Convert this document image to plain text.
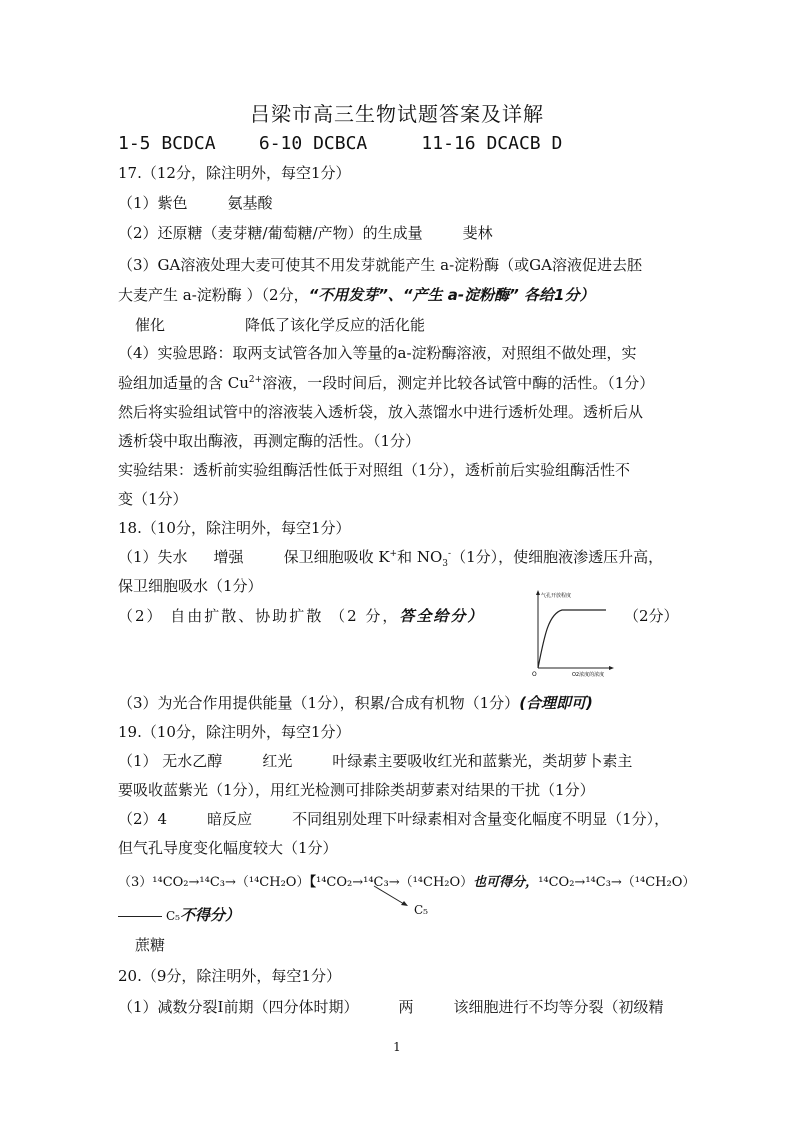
吕梁市高三生物试题答案及详解
1-5 BCDCA    6-10 DCBCA     11-16 DCACB D
17.（12分，除注明外，每空1分）
（1）紫色	氨基酸
（2）还原糖（麦芽糖/葡萄糖/产物）的生成量	斐林
（3）GA溶液处理大麦可使其不用发芽就能产生 a-淀粉酶（或GA溶液促进去胚
大麦产生 a-淀粉酶 ）（2分，“不用发芽”、“产生 a-淀粉酶” 各给1分）
催化	降低了该化学反应的活化能
（4）实验思路：取两支试管各加入等量的a-淀粉酶溶液，对照组不做处理，实
验组加适量的含 $Cu^{2+}$溶液，一段时间后，测定并比较各试管中酶的活性。（1分）
然后将实验组试管中的溶液装入透析袋，放入蒸馏水中进行透析处理。透析后从
透析袋中取出酶液，再测定酶的活性。（1分）
实验结果：透析前实验组酶活性低于对照组（1分），透析前后实验组酶活性不
变（1分）
18.（10分，除注明外，每空1分）
（1）失水 增强	保卫细胞吸收 K+和 $NO_3^-(1$分），使细胞液渗透压升高，
保卫细胞吸水（1分）
（2） 自由扩散、协助扩散 （2 分，答全给分）	（2分）
气孔开放程度
O	O2浓度的浓度
（3）为光合作用提供能量（1分），积累/合成有机物（1分）(合理即可)
19.（10分，除注明外，每空1分）
（1） 无水乙醇	红光	叶绿素主要吸收红光和蓝紫光，类胡萝卜素主
要吸收蓝紫光（1分），用红光检测可排除类胡萝素对结果的干扰（1分）
（2）4	暗反应	不同组别处理下叶绿素相对含量变化幅度不明显（1分），
但气孔导度变化幅度较大（1分）
（3）¹⁴CO₂→¹⁴C₃→（¹⁴CH₂O）【¹⁴CO₂→¹⁴C₃→（¹⁴CH₂O）也可得分，¹⁴CO₂→¹⁴C₃→（¹⁴CH₂O）
C₅
C₅不得分）
蔗糖
20.（9分，除注明外，每空1分）
（1）减数分裂Ⅰ前期（四分体时期）	两	该细胞进行不均等分裂（初级精
1
